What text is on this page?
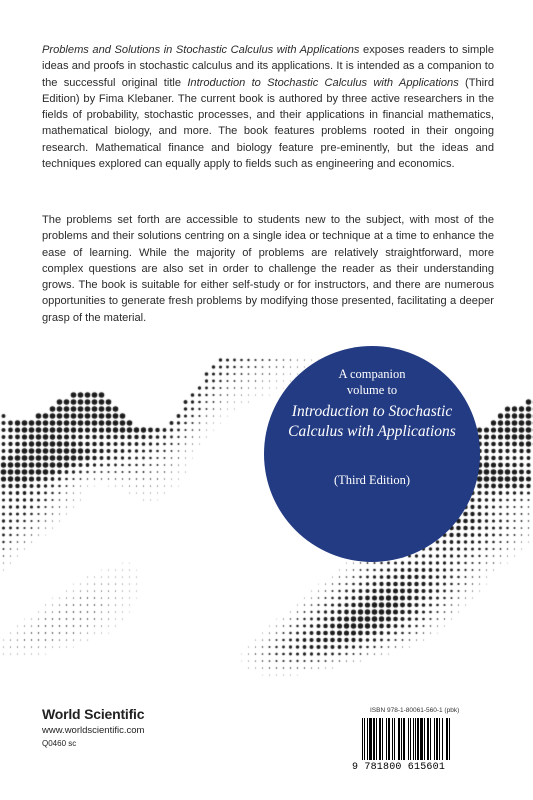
Problems and Solutions in Stochastic Calculus with Applications exposes readers to simple ideas and proofs in stochastic calculus and its applications. It is intended as a companion to the successful original title Introduction to Stochastic Calculus with Applications (Third Edition) by Fima Klebaner. The current book is authored by three active researchers in the fields of probability, stochastic processes, and their applications in financial mathematics, mathematical biology, and more. The book features problems rooted in their ongoing research. Mathematical finance and biology feature pre-eminently, but the ideas and techniques explored can equally apply to fields such as engineering and economics.

The problems set forth are accessible to students new to the subject, with most of the problems and their solutions centring on a single idea or technique at a time to enhance the ease of learning. While the majority of problems are relatively straightforward, more complex questions are also set in order to challenge the reader as their understanding grows. The book is suitable for either self-study or for instructors, and there are numerous opportunities to generate fresh problems by modifying those presented, facilitating a deeper grasp of the material.

A companion
volume to
Introduction to Stochastic Calculus with Applications
(Third Edition)
World Scientific
www.worldscientific.com
Q0460 sc
ISBN 978-1-80061-560-1 (pbk)
9 781800 615601
